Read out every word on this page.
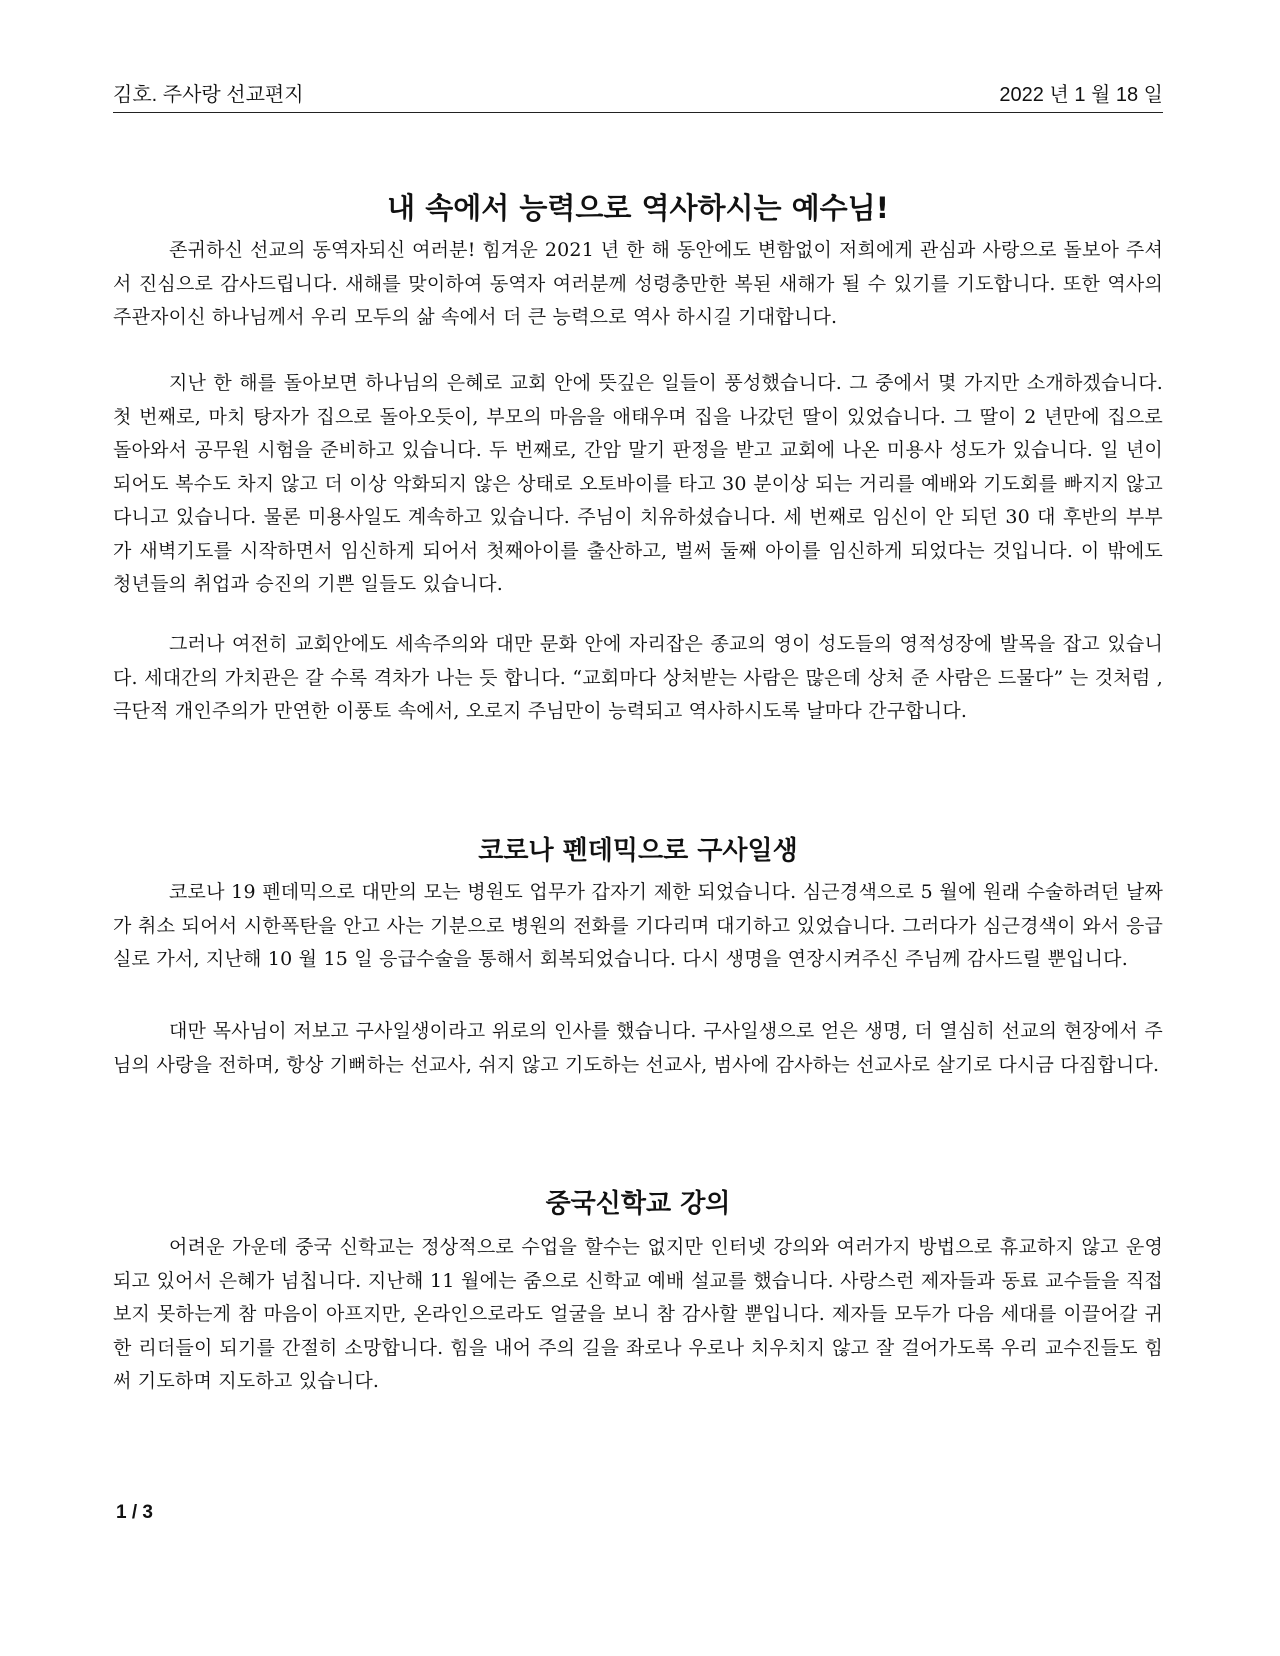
김호. 주사랑 선교편지	2022 년 1 월 18 일
내 속에서 능력으로 역사하시는 예수님!

존귀하신 선교의 동역자되신 여러분! 힘겨운 2021 년 한 해 동안에도 변함없이 저희에게 관심과 사랑으로 돌보아 주셔서 진심으로 감사드립니다. 새해를 맞이하여 동역자 여러분께 성령충만한 복된 새해가 될 수 있기를 기도합니다. 또한 역사의 주관자이신 하나님께서 우리 모두의 삶 속에서 더 큰 능력으로 역사 하시길 기대합니다.

지난 한 해를 돌아보면 하나님의 은혜로 교회 안에 뜻깊은 일들이 풍성했습니다. 그 중에서 몇 가지만 소개하겠습니다. 첫 번째로, 마치 탕자가 집으로 돌아오듯이, 부모의 마음을 애태우며 집을 나갔던 딸이 있었습니다. 그 딸이 2 년만에 집으로 돌아와서 공무원 시험을 준비하고 있습니다. 두 번째로, 간암 말기 판정을 받고 교회에 나온 미용사 성도가 있습니다. 일 년이 되어도 복수도 차지 않고 더 이상 악화되지 않은 상태로 오토바이를 타고 30 분이상 되는 거리를 예배와 기도회를 빠지지 않고 다니고 있습니다. 물론 미용사일도 계속하고 있습니다. 주님이 치유하셨습니다. 세 번째로 임신이 안 되던 30 대 후반의 부부가 새벽기도를 시작하면서 임신하게 되어서 첫째아이를 출산하고, 벌써 둘째 아이를 임신하게 되었다는 것입니다. 이 밖에도 청년들의 취업과 승진의 기쁜 일들도 있습니다.

그러나 여전히 교회안에도 세속주의와 대만 문화 안에 자리잡은 종교의 영이 성도들의 영적성장에 발목을 잡고 있습니다. 세대간의 가치관은 갈 수록 격차가 나는 듯 합니다. “교회마다 상처받는 사람은 많은데 상처 준 사람은 드물다” 는 것처럼 , 극단적 개인주의가 만연한 이풍토 속에서, 오로지 주님만이 능력되고 역사하시도록 날마다 간구합니다.

코로나 펜데믹으로 구사일생

코로나 19 펜데믹으로 대만의 모는 병원도 업무가 갑자기 제한 되었습니다. 심근경색으로 5 월에 원래 수술하려던 날짜가 취소 되어서 시한폭탄을 안고 사는 기분으로 병원의 전화를 기다리며 대기하고 있었습니다. 그러다가 심근경색이 와서 응급실로 가서, 지난해 10 월 15 일 응급수술을 통해서 회복되었습니다. 다시 생명을 연장시켜주신 주님께 감사드릴 뿐입니다.

대만 목사님이 저보고 구사일생이라고 위로의 인사를 했습니다. 구사일생으로 얻은 생명, 더 열심히 선교의 현장에서 주님의 사랑을 전하며, 항상 기뻐하는 선교사, 쉬지 않고 기도하는 선교사, 범사에 감사하는 선교사로 살기로 다시금 다짐합니다.

중국신학교 강의

어려운 가운데 중국 신학교는 정상적으로 수업을 할수는 없지만 인터넷 강의와 여러가지 방법으로 휴교하지 않고 운영되고 있어서 은혜가 넘칩니다. 지난해 11 월에는 줌으로 신학교 예배 설교를 했습니다. 사랑스런 제자들과 동료 교수들을 직접보지 못하는게 참 마음이 아프지만, 온라인으로라도 얼굴을 보니 참 감사할 뿐입니다. 제자들 모두가 다음 세대를 이끌어갈 귀한 리더들이 되기를 간절히 소망합니다. 힘을 내어 주의 길을 좌로나 우로나 치우치지 않고 잘 걸어가도록 우리 교수진들도 힘써 기도하며 지도하고 있습니다.

1 / 3
